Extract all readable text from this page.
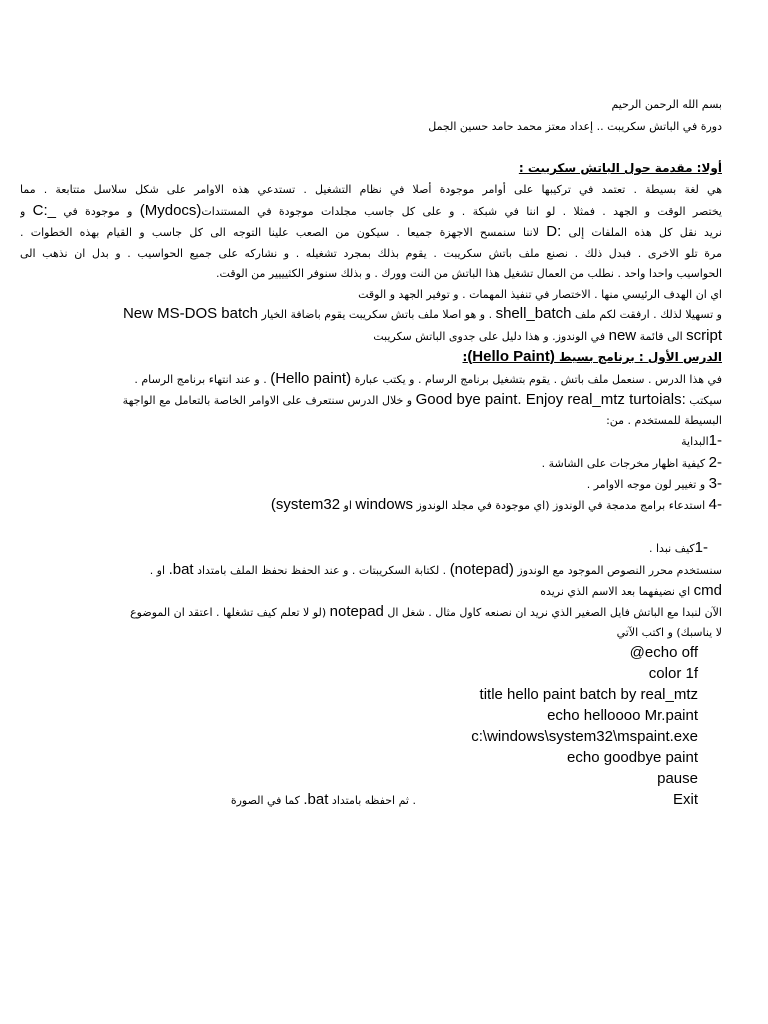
بسم الله الرحمن الرحيم
دورة في الباتش سكريبت .. إعداد معتز محمد حامد حسين الجمل
أولا: مقدمة حول الباتش سكريبت :
هي لغة بسيطة . تعتمد في تركيبها على أوامر موجودة أصلا في نظام التشغيل . تستدعي هذه الاوامر على شكل سلاسل متتابعة . مما
يختصر الوقت و الجهد . فمثلا . لو اننا في شبكة . و على كل جاسب مجلدات موجودة في المستندات(Mydocs) و موجودة في C:_ و
نريد نقل كل هذه الملفات إلى D: لاننا سنمسح الاجهزة جميعا . سيكون من الصعب علينا التوجه الى كل جاسب و القيام بهذه الخطوات .
مرة تلو الاخرى . فبدل ذلك . نصنع ملف باتش سكريبت . يقوم بذلك بمجرد تشغيله . و نشاركه على جميع الحواسيب . و بدل ان نذهب الى
الحواسيب واحدا واحد . نطلب من العمال تشغيل هذا الباتش من النت وورك . و بذلك سنوفر الكثيييير من الوقت.
اي ان الهدف الرئيسي منها . الاختصار في تنفيذ المهمات . و توفير الجهد و الوقت
و تسهيلا لذلك . ارفقت لكم ملف shell_batch . و هو اصلا ملف باتش سكريبت يقوم باضافة الخيار New MS-DOS batch
script الى قائمة new في الوندوز. و هذا دليل على جدوى الباتش سكريبت
الدرس الأول : برنامج بسيط (Hello Paint):
في هذا الدرس . سنعمل ملف باتش . يقوم بتشغيل برنامج الرسام . و يكتب عبارة (Hello paint) . و عند انتهاء برنامج الرسام .
سيكتب Good bye paint. Enjoy real_mtz turtoials: و خلال الدرس سنتعرف على الاوامر الخاصة بالتعامل مع الواجهة
البسيطة للمستخدم . من:
1-البداية
2- كيفية اظهار مخرجات على الشاشة .
3- و تغيير لون موجه الاوامر .
4- استدعاء برامج مدمجة في الوندوز (اي موجودة في مجلد الوندوز windows او (system32
1-كيف نبدا .
سنستخدم محرر النصوص الموجود مع الوندوز (notepad) . لكتابة السكريبتات . و عند الحفظ نحفظ الملف بامتداد .bat او .
cmd اي نضيفهما بعد الاسم الذي نريده
الآن لنبدا مع الباتش فايل الصغير الذي نريد ان نصنعه كاول مثال . شغل ال notepad (لو لا تعلم كيف تشغلها . اعتقد ان الموضوع
لا يناسبك) و اكتب الآتي
@echo off
color 1f
title hello paint batch by real_mtz
echo helloooo Mr.paint
c:\windows\system32\mspaint.exe
echo goodbye paint
pause
Exit
. ثم احفظه بامتداد .bat كما في الصورة
